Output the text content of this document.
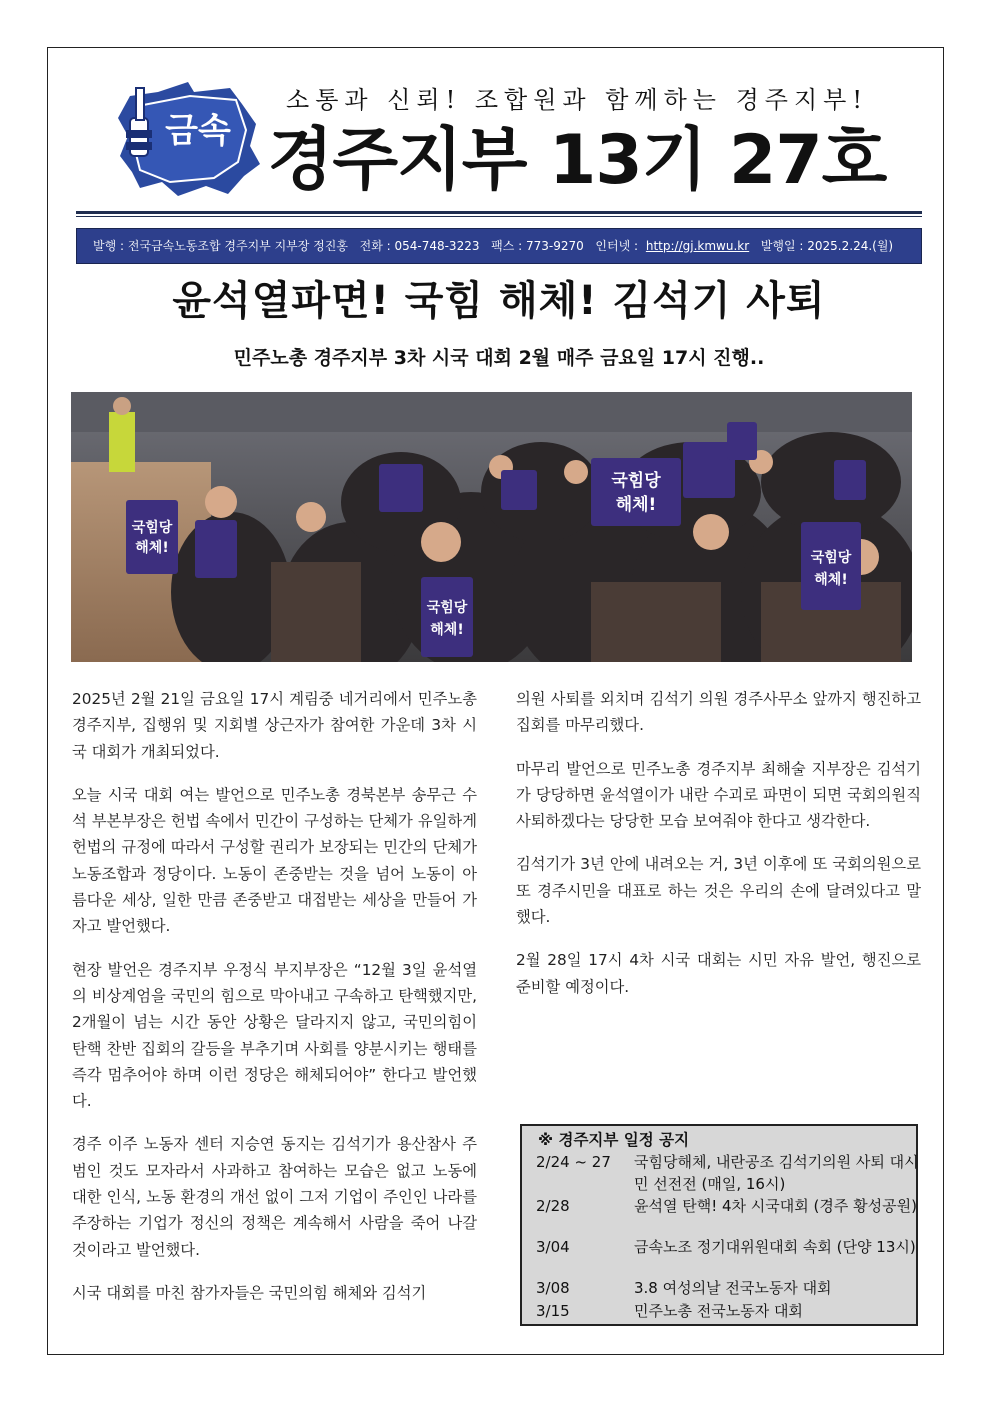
금속
소통과 신뢰! 조합원과 함께하는 경주지부!
경주지부 13기 27호
발행 : 전국금속노동조합 경주지부 지부장 정진홍 전화 : 054-748-3223 팩스 : 773-9270 인터넷 : http://gj.kmwu.kr 발행일 : 2025.2.24.(월)
윤석열파면! 국힘 해체! 김석기 사퇴
민주노총 경주지부 3차 시국 대회 2월 매주 금요일 17시 진행..
국힘당
해체!
국힘당
해체!
국힘당
해체!
국힘당
해체!

2025년 2월 21일 금요일 17시 계림중 네거리에서 민주노총 경주지부, 집행위 및 지회별 상근자가 참여한 가운데 3차 시국 대회가 개최되었다.

오늘 시국 대회 여는 발언으로 민주노총 경북본부 송무근 수석 부본부장은 헌법 속에서 민간이 구성하는 단체가 유일하게 헌법의 규정에 따라서 구성할 권리가 보장되는 민간의 단체가 노동조합과 정당이다. 노동이 존중받는 것을 넘어 노동이 아름다운 세상, 일한 만큼 존중받고 대접받는 세상을 만들어 가자고 발언했다.

현장 발언은 경주지부 우정식 부지부장은 “12월 3일 윤석열의 비상계엄을 국민의 힘으로 막아내고 구속하고 탄핵했지만, 2개월이 넘는 시간 동안 상황은 달라지지 않고, 국민의힘이 탄핵 찬반 집회의 갈등을 부추기며 사회를 양분시키는 행태를 즉각 멈추어야 하며 이런 정당은 해체되어야” 한다고 발언했다.

경주 이주 노동자 센터 지승연 동지는 김석기가 용산참사 주범인 것도 모자라서 사과하고 참여하는 모습은 없고 노동에 대한 인식, 노동 환경의 개선 없이 그저 기업이 주인인 나라를 주장하는 기업가 정신의 정책은 계속해서 사람을 죽어 나갈 것이라고 발언했다.

시국 대회를 마친 참가자들은 국민의힘 해체와 김석기

의원 사퇴를 외치며 김석기 의원 경주사무소 앞까지 행진하고 집회를 마무리했다.

마무리 발언으로 민주노총 경주지부 최해술 지부장은 김석기가 당당하면 윤석열이가 내란 수괴로 파면이 되면 국회의원직 사퇴하겠다는 당당한 모습 보여줘야 한다고 생각한다.

김석기가 3년 안에 내려오는 거, 3년 이후에 또 국회의원으로 또 경주시민을 대표로 하는 것은 우리의 손에 달려있다고 말했다.

2월 28일 17시 4차 시국 대회는 시민 자유 발언, 행진으로 준비할 예정이다.

※ 경주지부 일정 공지
2/24 ~ 27	국힘당해체, 내란공조 김석기의원 사퇴 대시민 선전전 (매일, 16시)
2/28	윤석열 탄핵! 4차 시국대회 (경주 황성공원)
3/04	금속노조 정기대위원대회 속회 (단양 13시)
3/08	3.8 여성의날 전국노동자 대회
3/15	민주노총 전국노동자 대회
